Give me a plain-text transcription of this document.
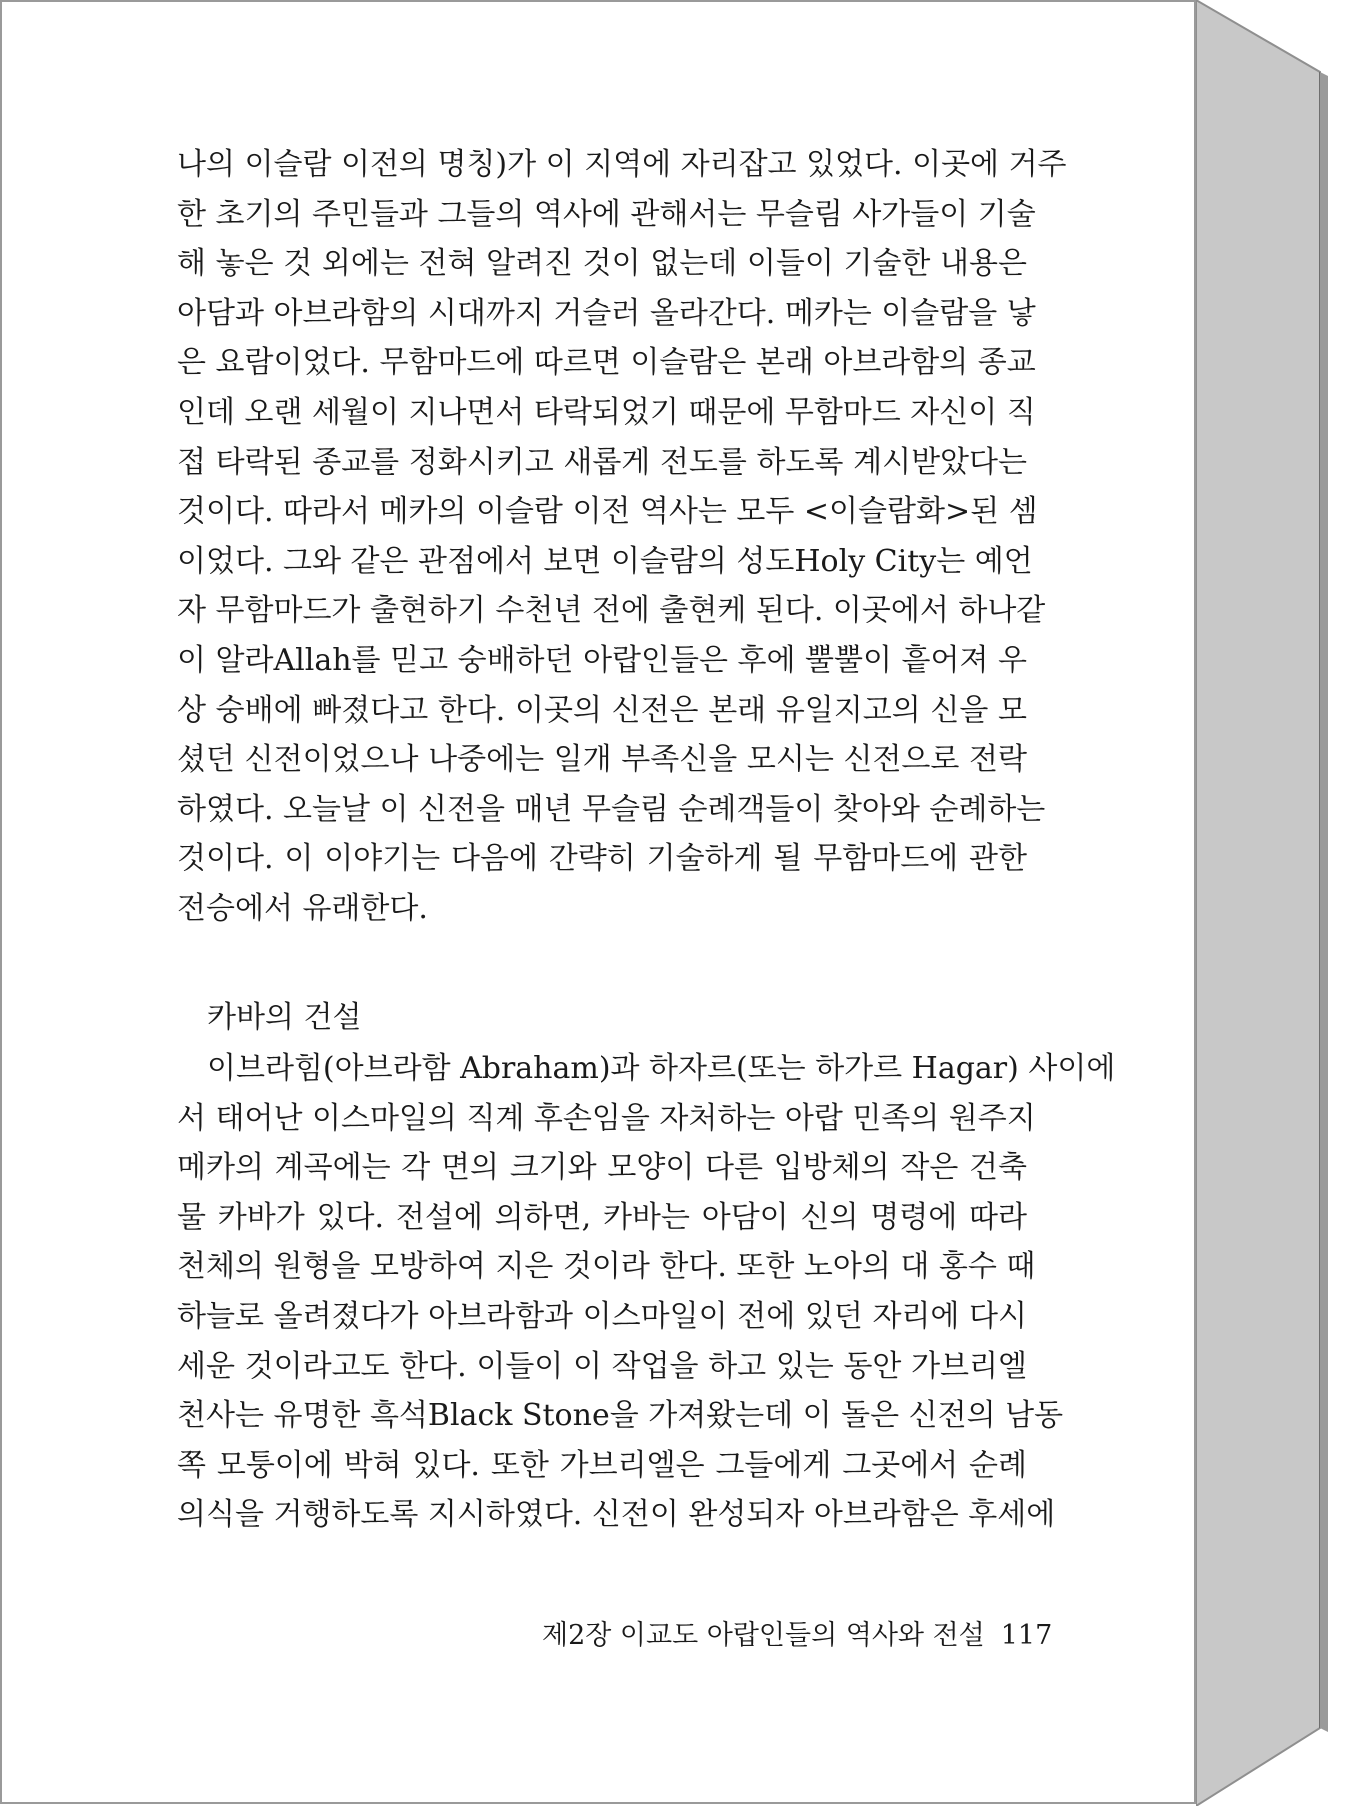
나의 이슬람 이전의 명칭)가 이 지역에 자리잡고 있었다. 이곳에 거주
한 초기의 주민들과 그들의 역사에 관해서는 무슬림 사가들이 기술
해 놓은 것 외에는 전혀 알려진 것이 없는데 이들이 기술한 내용은
아담과 아브라함의 시대까지 거슬러 올라간다. 메카는 이슬람을 낳
은 요람이었다. 무함마드에 따르면 이슬람은 본래 아브라함의 종교
인데 오랜 세월이 지나면서 타락되었기 때문에 무함마드 자신이 직
접 타락된 종교를 정화시키고 새롭게 전도를 하도록 계시받았다는
것이다. 따라서 메카의 이슬람 이전 역사는 모두 <이슬람화>된 셈
이었다. 그와 같은 관점에서 보면 이슬람의 성도Holy City는 예언
자 무함마드가 출현하기 수천년 전에 출현케 된다. 이곳에서 하나같
이 알라Allah를 믿고 숭배하던 아랍인들은 후에 뿔뿔이 흩어져 우
상 숭배에 빠졌다고 한다. 이곳의 신전은 본래 유일지고의 신을 모
셨던 신전이었으나 나중에는 일개 부족신을 모시는 신전으로 전락
하였다. 오늘날 이 신전을 매년 무슬림 순례객들이 찾아와 순례하는
것이다. 이 이야기는 다음에 간략히 기술하게 될 무함마드에 관한
전승에서 유래한다.
카바의 건설
이브라힘(아브라함 Abraham)과 하자르(또는 하가르 Hagar) 사이에
서 태어난 이스마일의 직계 후손임을 자처하는 아랍 민족의 원주지
메카의 계곡에는 각 면의 크기와 모양이 다른 입방체의 작은 건축
물 카바가 있다. 전설에 의하면, 카바는 아담이 신의 명령에 따라
천체의 원형을 모방하여 지은 것이라 한다. 또한 노아의 대 홍수 때
하늘로 올려졌다가 아브라함과 이스마일이 전에 있던 자리에 다시
세운 것이라고도 한다. 이들이 이 작업을 하고 있는 동안 가브리엘
천사는 유명한 흑석Black Stone을 가져왔는데 이 돌은 신전의 남동
쪽 모퉁이에 박혀 있다. 또한 가브리엘은 그들에게 그곳에서 순례
의식을 거행하도록 지시하였다. 신전이 완성되자 아브라함은 후세에
제2장 이교도 아랍인들의 역사와 전설 117
